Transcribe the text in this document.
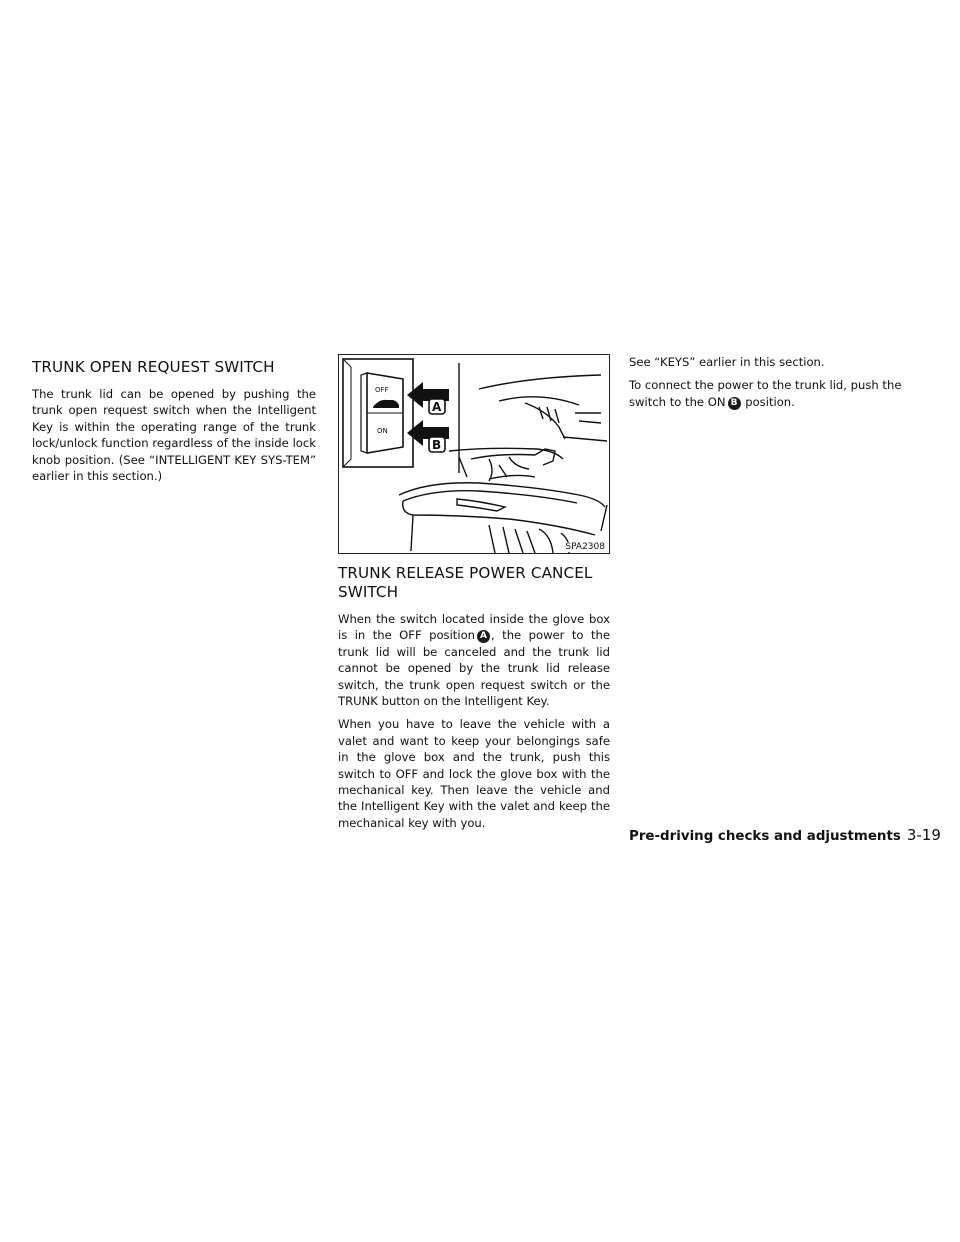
TRUNK OPEN REQUEST SWITCH

The trunk lid can be opened by pushing the trunk open request switch when the Intelligent Key is within the operating range of the trunk lock/unlock function regardless of the inside lock knob position. (See “INTELLIGENT KEY SYS-TEM” earlier in this section.)

OFF
ON
A
B
SPA2308
TRUNK RELEASE POWER CANCEL SWITCH

When the switch located inside the glove box is in the OFF position A , the power to the trunk lid will be canceled and the trunk lid cannot be opened by the trunk lid release switch, the trunk open request switch or the TRUNK button on the Intelligent Key.

When you have to leave the vehicle with a valet and want to keep your belongings safe in the glove box and the trunk, push this switch to OFF and lock the glove box with the mechanical key. Then leave the vehicle and the Intelligent Key with the valet and keep the mechanical key with you.

See “KEYS” earlier in this section.

To connect the power to the trunk lid, push the switch to the ON B position.

Pre-driving checks and adjustments 3-19
